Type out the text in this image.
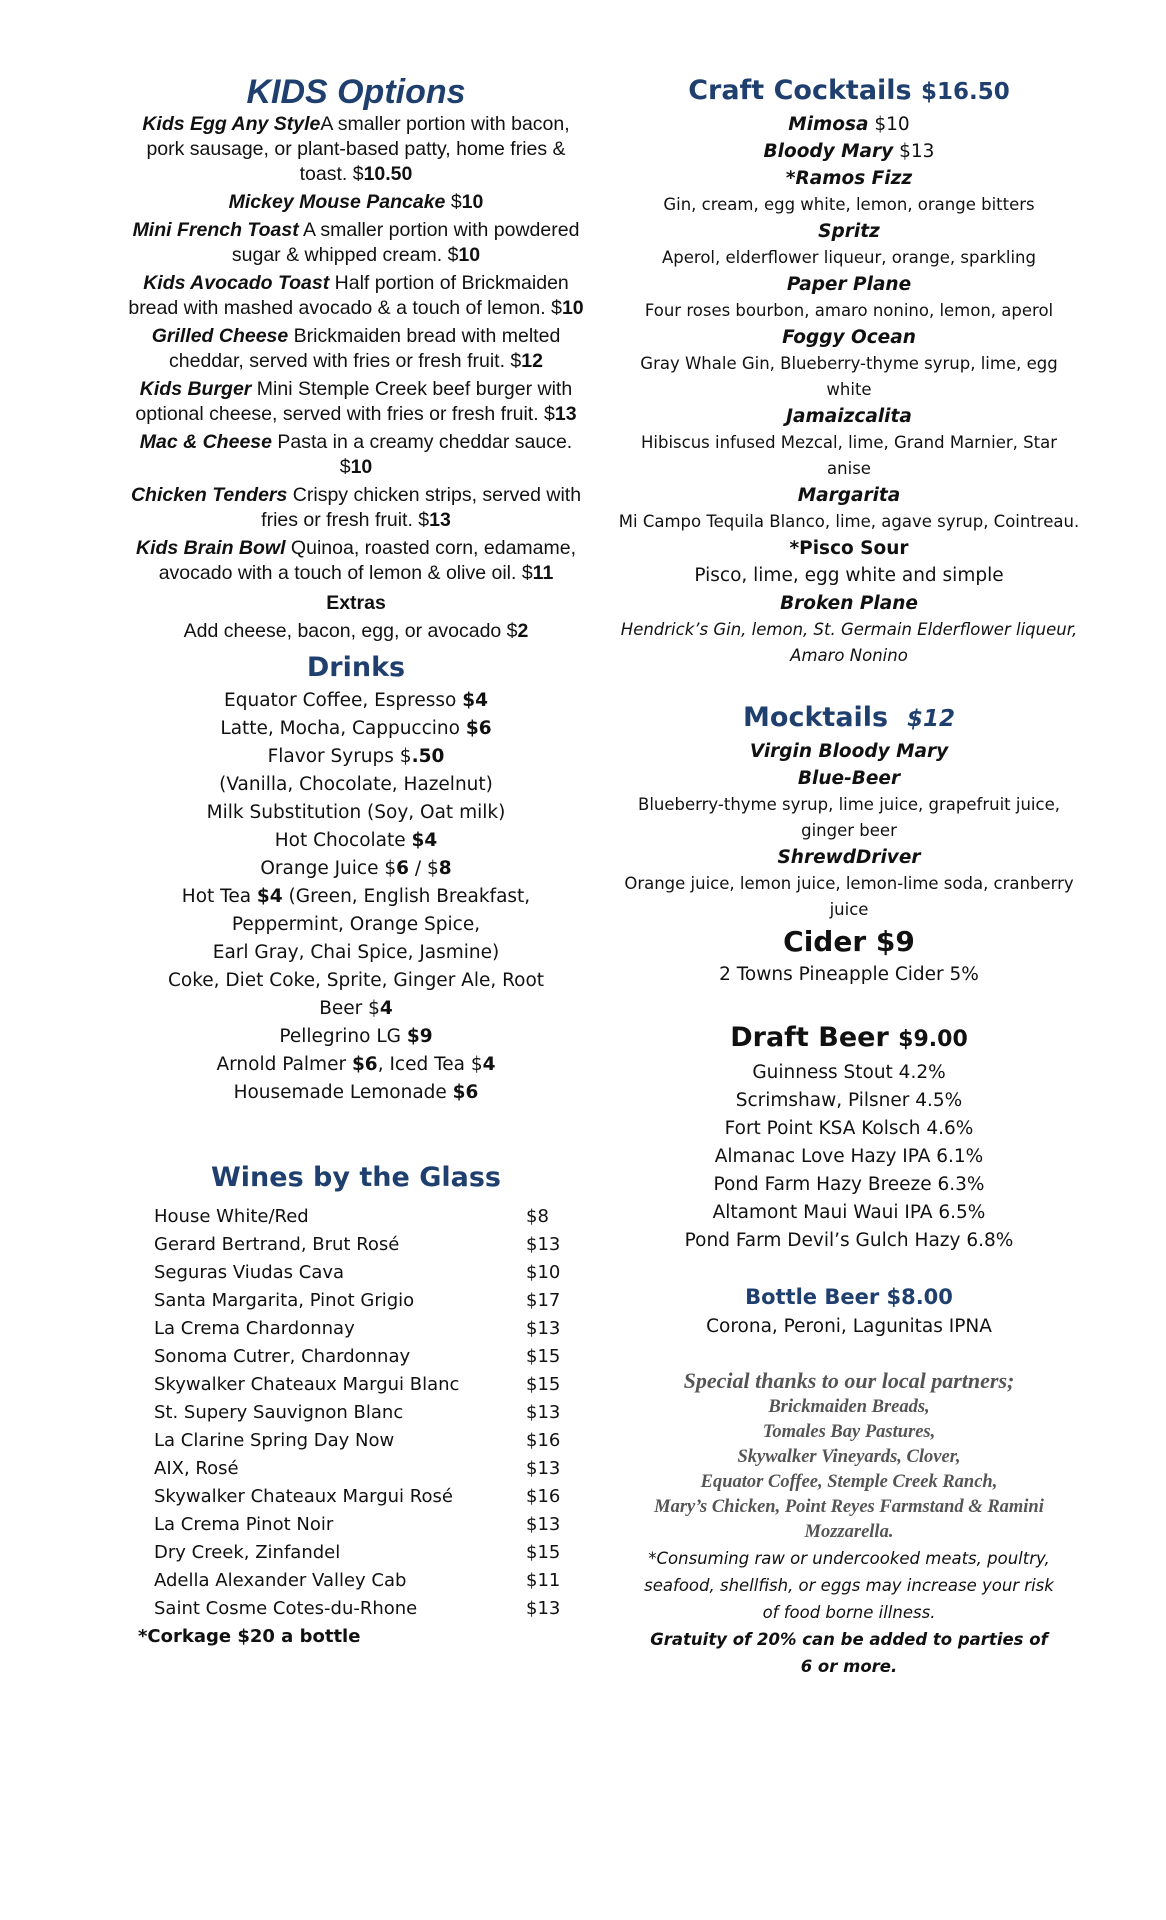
KIDS Options
Kids Egg Any StyleA smaller portion with bacon, pork sausage, or plant-based patty, home fries & toast. $10.50
Mickey Mouse Pancake $10
Mini French Toast A smaller portion with powdered sugar & whipped cream. $10
Kids Avocado Toast Half portion of Brickmaiden bread with mashed avocado & a touch of lemon. $10
Grilled Cheese Brickmaiden bread with melted cheddar, served with fries or fresh fruit. $12
Kids Burger Mini Stemple Creek beef burger with optional cheese, served with fries or fresh fruit. $13
Mac & Cheese Pasta in a creamy cheddar sauce. $10
Chicken Tenders Crispy chicken strips, served with fries or fresh fruit. $13
Kids Brain Bowl Quinoa, roasted corn, edamame, avocado with a touch of lemon & olive oil. $11
Extras
Add cheese, bacon, egg, or avocado $2
Drinks
Equator Coffee, Espresso $4
Latte, Mocha, Cappuccino $6
Flavor Syrups $.50
(Vanilla, Chocolate, Hazelnut)
Milk Substitution (Soy, Oat milk)
Hot Chocolate $4
Orange Juice $6 / $8
Hot Tea $4 (Green, English Breakfast,
Peppermint, Orange Spice,
Earl Gray, Chai Spice, Jasmine)
Coke, Diet Coke, Sprite, Ginger Ale, Root
Beer $4
Pellegrino LG $9
Arnold Palmer $6, Iced Tea $4
Housemade Lemonade $6
Wines by the Glass
House White/Red	$8
Gerard Bertrand, Brut Rosé	$13
Seguras Viudas Cava	$10
Santa Margarita, Pinot Grigio	$17
La Crema Chardonnay	$13
Sonoma Cutrer, Chardonnay	$15
Skywalker Chateaux Margui Blanc	$15
St. Supery Sauvignon Blanc	$13
La Clarine Spring Day Now	$16
AIX, Rosé	$13
Skywalker Chateaux Margui Rosé	$16
La Crema Pinot Noir	$13
Dry Creek, Zinfandel	$15
Adella Alexander Valley Cab	$11
Saint Cosme Cotes-du-Rhone	$13
*Corkage $20 a bottle
Craft Cocktails $16.50
Mimosa $10
Bloody Mary $13
*Ramos Fizz
Gin, cream, egg white, lemon, orange bitters
Spritz
Aperol, elderflower liqueur, orange, sparkling
Paper Plane
Four roses bourbon, amaro nonino, lemon, aperol
Foggy Ocean
Gray Whale Gin, Blueberry-thyme syrup, lime, egg white
Jamaizcalita
Hibiscus infused Mezcal, lime, Grand Marnier, Star anise
Margarita
Mi Campo Tequila Blanco, lime, agave syrup, Cointreau.
*Pisco Sour
Pisco, lime, egg white and simple
Broken Plane
Hendrick’s Gin, lemon, St. Germain Elderflower liqueur, Amaro Nonino
Mocktails $12
Virgin Bloody Mary
Blue-Beer
Blueberry-thyme syrup, lime juice, grapefruit juice, ginger beer
ShrewdDriver
Orange juice, lemon juice, lemon-lime soda, cranberry juice
Cider $9
2 Towns Pineapple Cider 5%
Draft Beer $9.00
Guinness Stout 4.2%
Scrimshaw, Pilsner 4.5%
Fort Point KSA Kolsch 4.6%
Almanac Love Hazy IPA 6.1%
Pond Farm Hazy Breeze 6.3%
Altamont Maui Waui IPA 6.5%
Pond Farm Devil’s Gulch Hazy 6.8%
Bottle Beer $8.00
Corona, Peroni, Lagunitas IPNA
Special thanks to our local partners;
Brickmaiden Breads,
Tomales Bay Pastures,
Skywalker Vineyards, Clover,
Equator Coffee, Stemple Creek Ranch,
Mary’s Chicken, Point Reyes Farmstand & Ramini Mozzarella.
*Consuming raw or undercooked meats, poultry, seafood, shellfish, or eggs may increase your risk of food borne illness.
Gratuity of 20% can be added to parties of 6 or more.
